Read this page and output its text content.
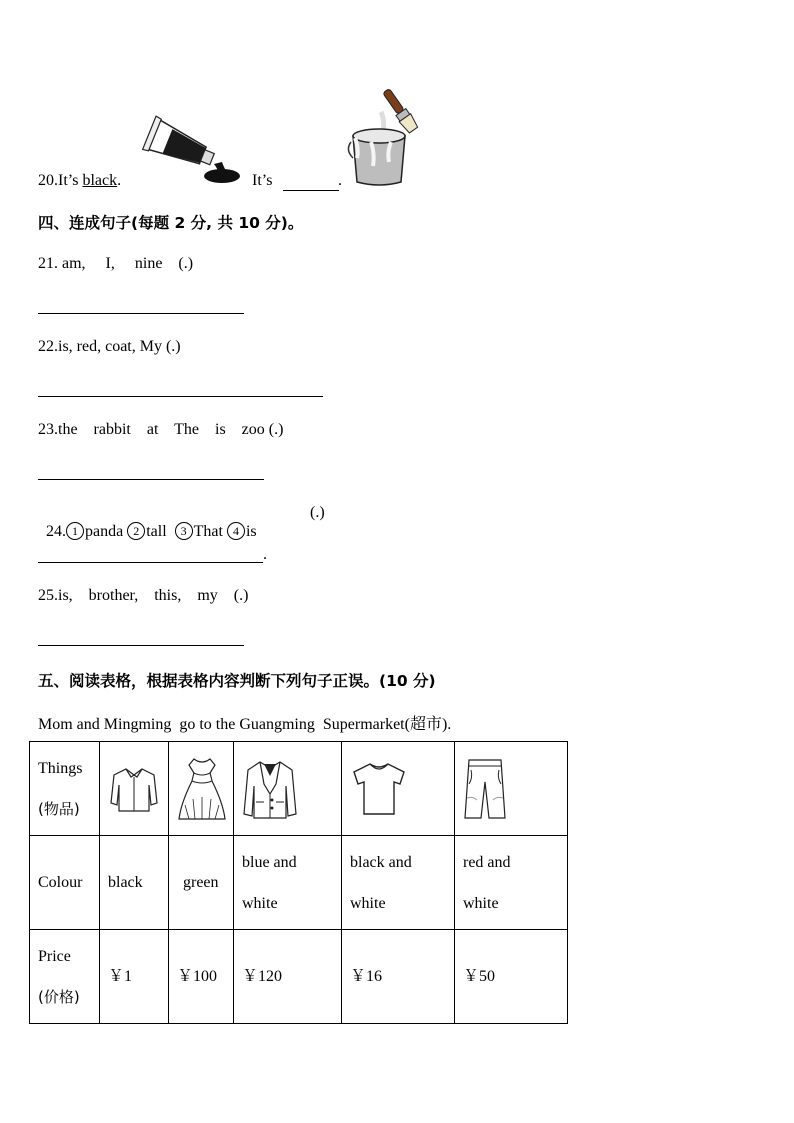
20.It’s black.	It’s	.
四、连成句子(每题 2 分, 共 10 分)。
21. am,     I,     nine    (.)
22.is, red, coat, My (.)
23.the    rabbit    at    The    is    zoo (.)

24. 1 panda 2 tall  3 That 4 is

(.)
.
25.is,    brother,    this,    my    (.)
五、阅读表格，根据表格内容判断下列句子正误。(10 分)
Mom and Mingming  go to the Guangming  Supermarket(超市).
Things
(物品)

Colour	black	green	blue and white	black and white	red and white

Price
(价格)	￥1	￥100	￥120	￥16	￥50
